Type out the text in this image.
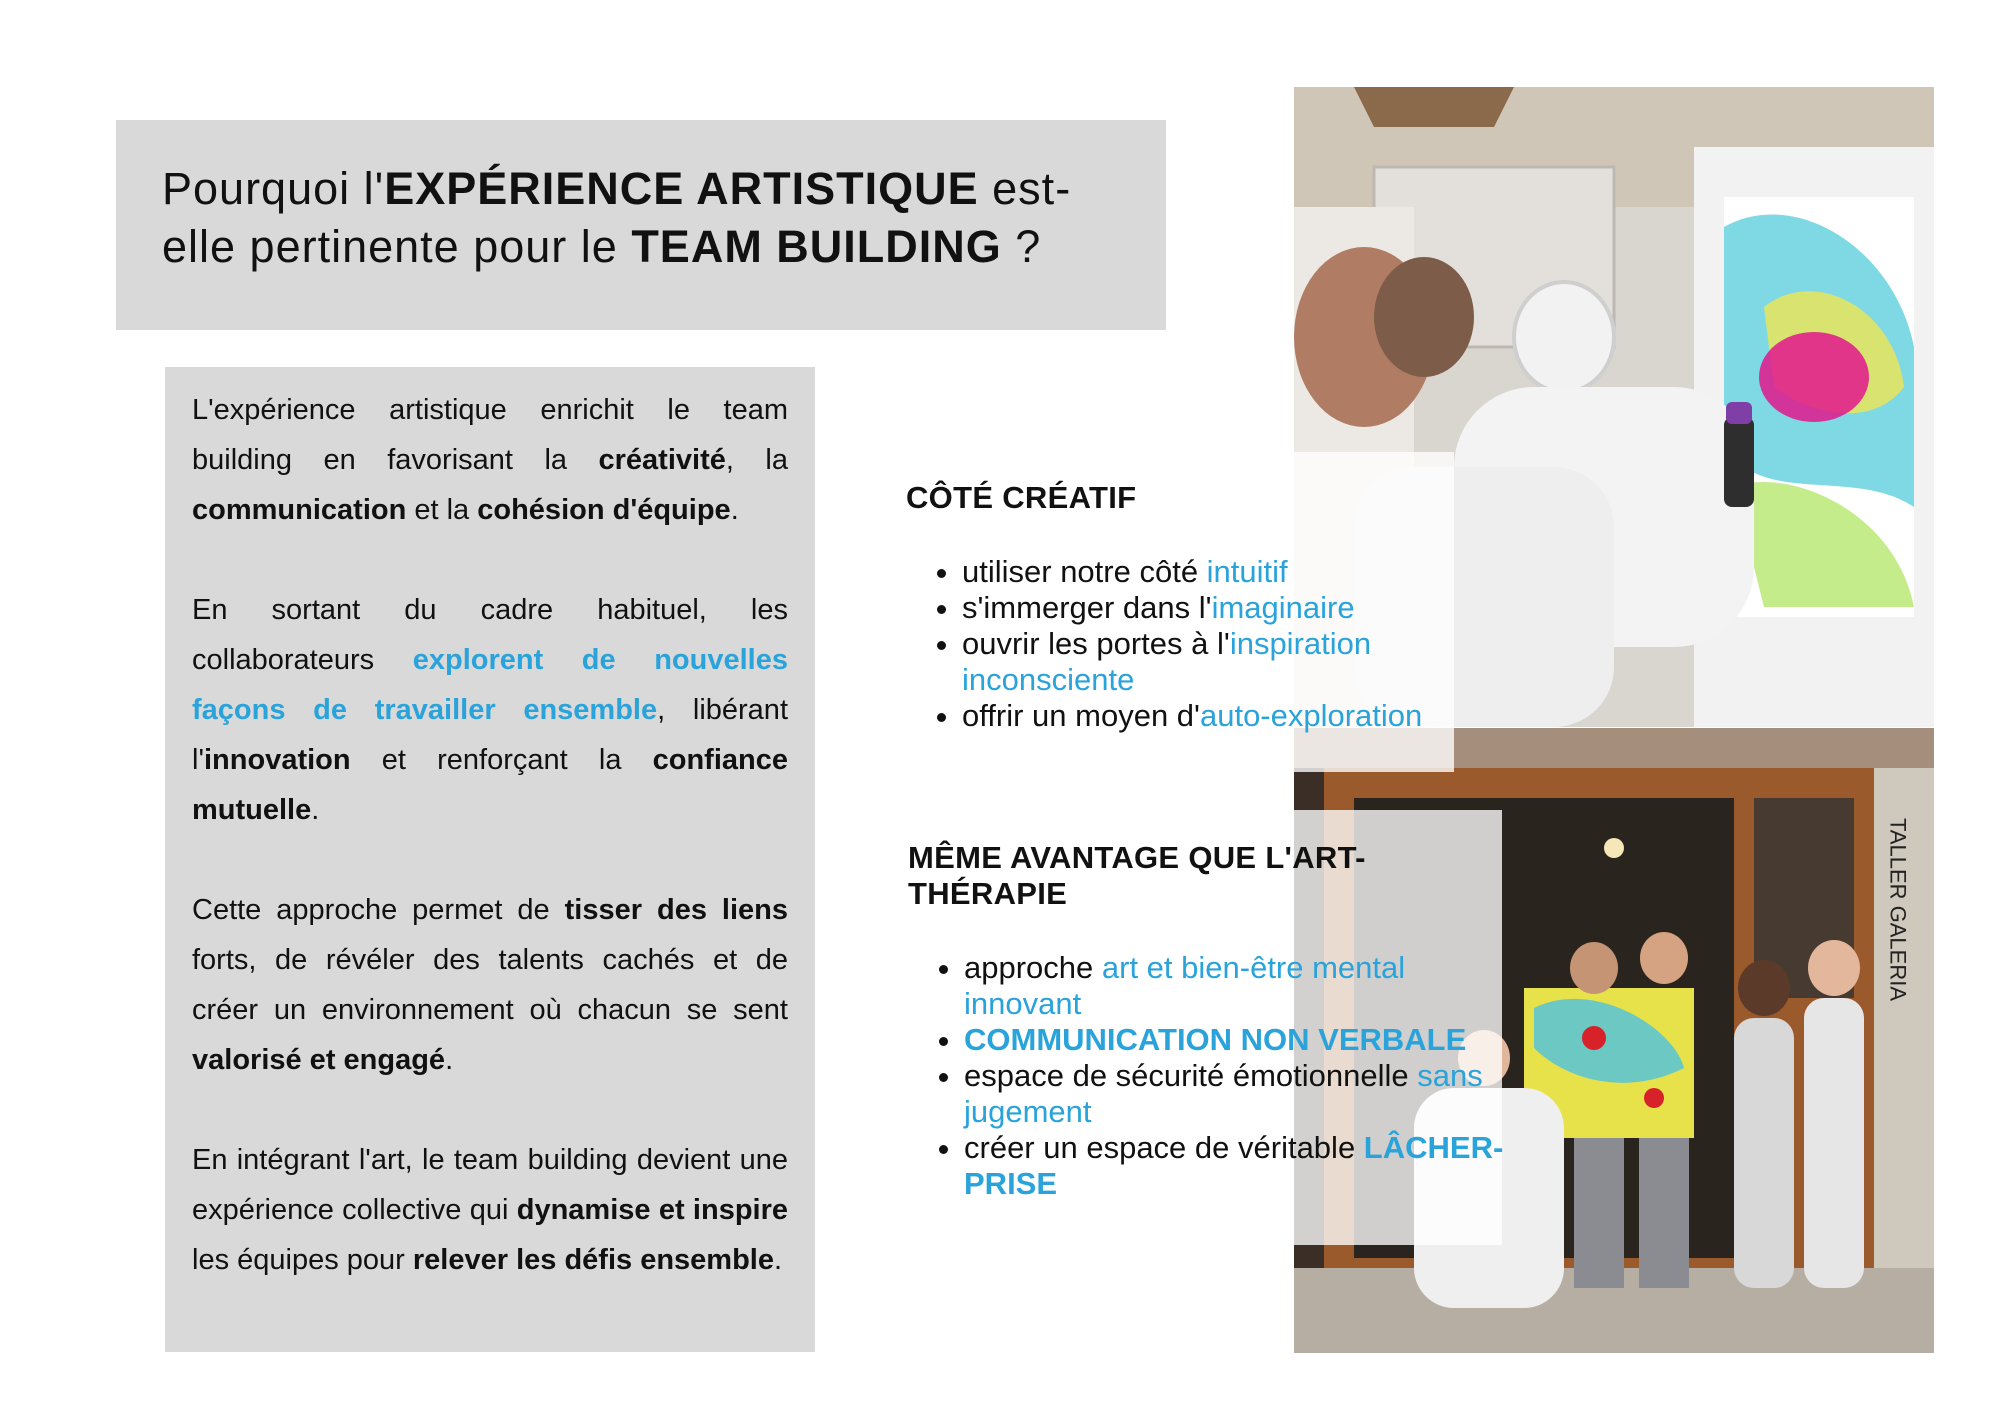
Pourquoi l'EXPÉRIENCE ARTISTIQUE est-elle pertinente pour le TEAM BUILDING ?

L'expérience artistique enrichit le team building en favorisant la créativité, la communication et la cohésion d'équipe.

En sortant du cadre habituel, les collaborateurs explorent de nouvelles façons de travailler ensemble, libérant l'innovation et renforçant la confiance mutuelle.

Cette approche permet de tisser des liens forts, de révéler des talents cachés et de créer un environnement où chacun se sent valorisé et engagé.

En intégrant l'art, le team building devient une expérience collective qui dynamise et inspire les équipes pour relever les défis ensemble.

TALLER GALERIA
CÔTÉ CRÉATIF
• utiliser notre côté intuitif
• s'immerger dans l'imaginaire
• ouvrir les portes à l'inspiration inconsciente
• offrir un moyen d'auto-exploration
MÊME AVANTAGE QUE L'ART-THÉRAPIE
• approche art et bien-être mental innovant
• COMMUNICATION NON VERBALE
• espace de sécurité émotionnelle sans jugement
• créer un espace de véritable LÂCHER-PRISE
